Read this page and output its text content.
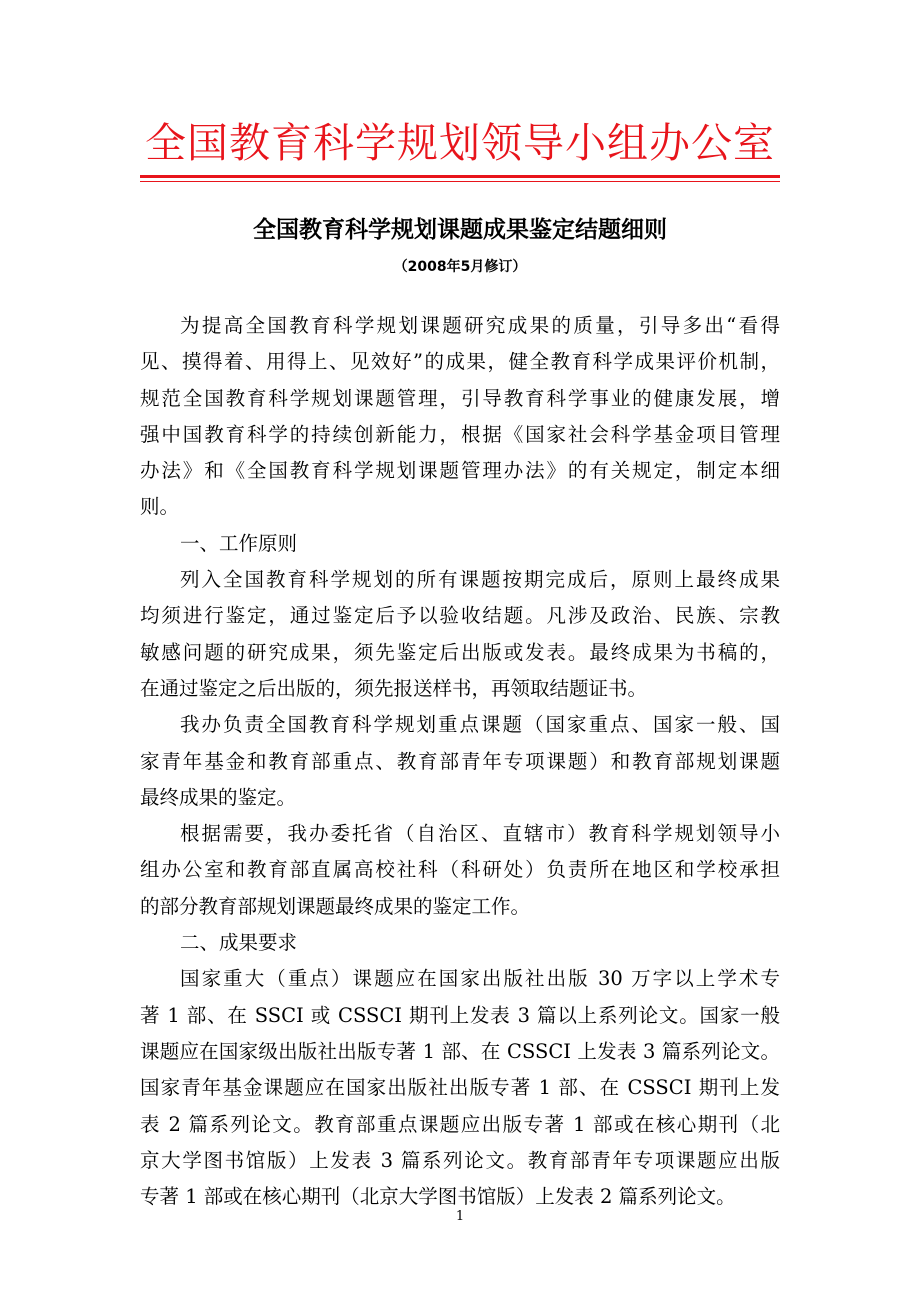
全国教育科学规划领导小组办公室
全国教育科学规划课题成果鉴定结题细则
（2008年5月修订）
为提高全国教育科学规划课题研究成果的质量，引导多出“看得
见、摸得着、用得上、见效好”的成果，健全教育科学成果评价机制，
规范全国教育科学规划课题管理，引导教育科学事业的健康发展，增
强中国教育科学的持续创新能力，根据《国家社会科学基金项目管理
办法》和《全国教育科学规划课题管理办法》的有关规定，制定本细
则。
一、工作原则
列入全国教育科学规划的所有课题按期完成后，原则上最终成果
均须进行鉴定，通过鉴定后予以验收结题。凡涉及政治、民族、宗教
敏感问题的研究成果，须先鉴定后出版或发表。最终成果为书稿的，
在通过鉴定之后出版的，须先报送样书，再领取结题证书。
我办负责全国教育科学规划重点课题（国家重点、国家一般、国
家青年基金和教育部重点、教育部青年专项课题）和教育部规划课题
最终成果的鉴定。
根据需要，我办委托省（自治区、直辖市）教育科学规划领导小
组办公室和教育部直属高校社科（科研处）负责所在地区和学校承担
的部分教育部规划课题最终成果的鉴定工作。
二、成果要求
国家重大（重点）课题应在国家出版社出版 30 万字以上学术专
著 1 部、在 SSCI 或 CSSCI 期刊上发表 3 篇以上系列论文。国家一般
课题应在国家级出版社出版专著 1 部、在 CSSCI 上发表 3 篇系列论文。
国家青年基金课题应在国家出版社出版专著 1 部、在 CSSCI 期刊上发
表 2 篇系列论文。教育部重点课题应出版专著 1 部或在核心期刊（北
京大学图书馆版）上发表 3 篇系列论文。教育部青年专项课题应出版
专著 1 部或在核心期刊（北京大学图书馆版）上发表 2 篇系列论文。
1
